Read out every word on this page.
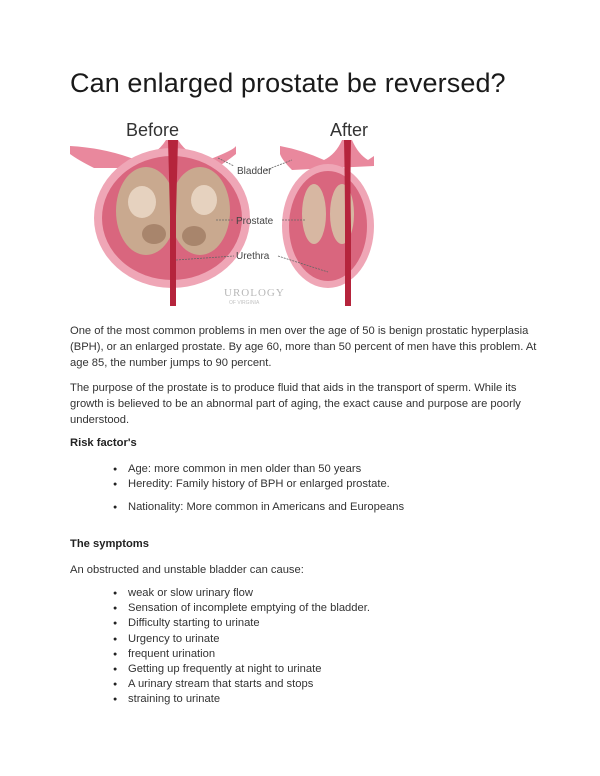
Can enlarged prostate be reversed?
Before	After
Bladder
Prostate
Urethra
UROLOGY
OF VIRGINIA

One of the most common problems in men over the age of 50 is benign prostatic hyperplasia (BPH), or an enlarged prostate. By age 60, more than 50 percent of men have this problem. At age 85, the number jumps to 90 percent.

The purpose of the prostate is to produce fluid that aids in the transport of sperm. While its growth is believed to be an abnormal part of aging, the exact cause and purpose are poorly understood.

Risk factor's

● Age: more common in men older than 50 years
● Heredity: Family history of BPH or enlarged prostate.
● Nationality: More common in Americans and Europeans

The symptoms

An obstructed and unstable bladder can cause:

● weak or slow urinary flow
● Sensation of incomplete emptying of the bladder.
● Difficulty starting to urinate
● Urgency to urinate
● frequent urination
● Getting up frequently at night to urinate
● A urinary stream that starts and stops
● straining to urinate
